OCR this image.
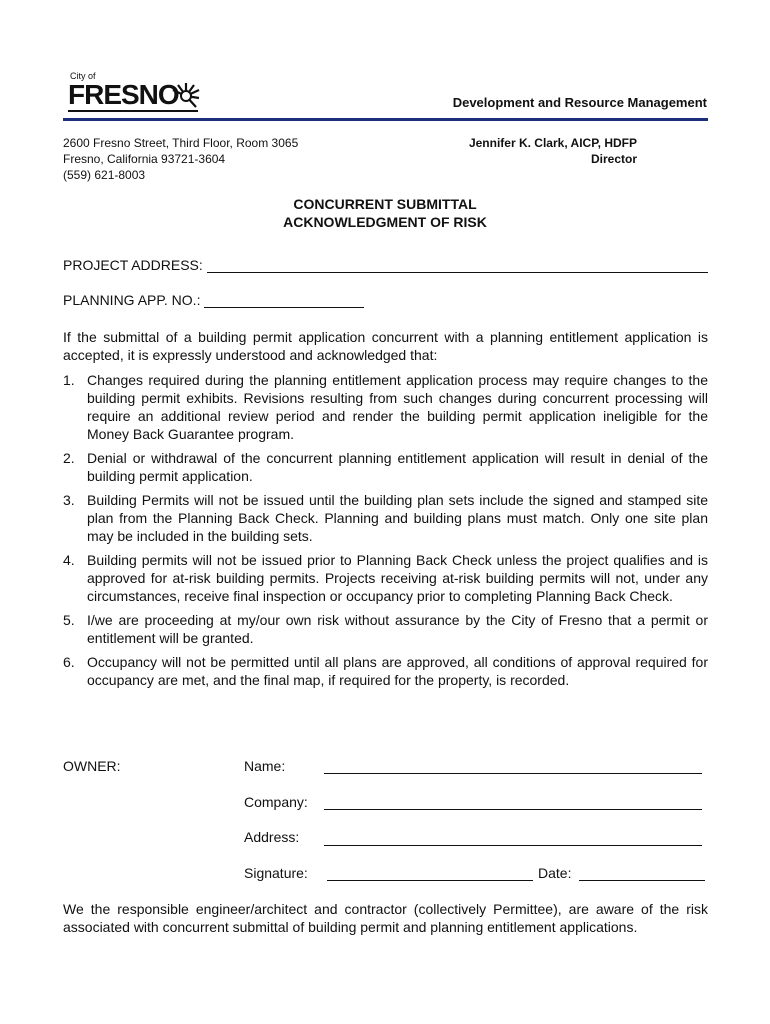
City of
FRESNO	Development and Resource Management
2600 Fresno Street, Third Floor, Room 3065
Fresno, California 93721-3604
(559) 621-8003
Jennifer K. Clark, AICP, HDFP
Director
CONCURRENT SUBMITTAL
ACKNOWLEDGMENT OF RISK
PROJECT ADDRESS:
PLANNING APP. NO.:
If the submittal of a building permit application concurrent with a planning entitlement application is accepted, it is expressly understood and acknowledged that:
1. Changes required during the planning entitlement application process may require changes to the building permit exhibits. Revisions resulting from such changes during concurrent processing will require an additional review period and render the building permit application ineligible for the Money Back Guarantee program.
2. Denial or withdrawal of the concurrent planning entitlement application will result in denial of the building permit application.
3. Building Permits will not be issued until the building plan sets include the signed and stamped site plan from the Planning Back Check. Planning and building plans must match. Only one site plan may be included in the building sets.
4. Building permits will not be issued prior to Planning Back Check unless the project qualifies and is approved for at-risk building permits. Projects receiving at-risk building permits will not, under any circumstances, receive final inspection or occupancy prior to completing Planning Back Check.
5. I/we are proceeding at my/our own risk without assurance by the City of Fresno that a permit or entitlement will be granted.
6. Occupancy will not be permitted until all plans are approved, all conditions of approval required for occupancy are met, and the final map, if required for the property, is recorded.
OWNER:	Name:
Company:
Address:
Signature:	Date:
We the responsible engineer/architect and contractor (collectively Permittee), are aware of the risk associated with concurrent submittal of building permit and planning entitlement applications.
